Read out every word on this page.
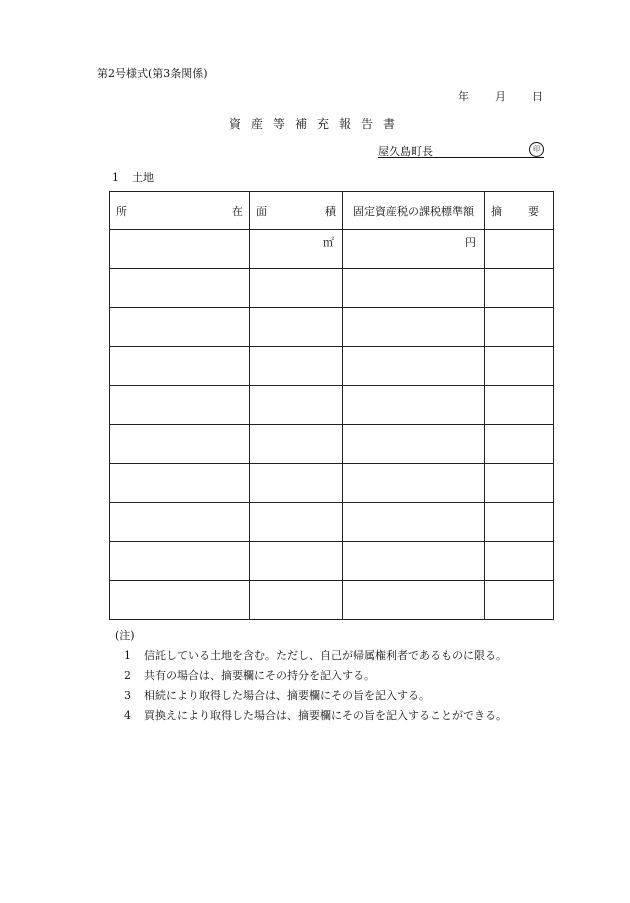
第2号様式(第3条関係)
年 月 日
資産等補充報告書
屋久島町長	印
1 土地
所 在	面 積	固定資産税の課税標準額	摘 要

	㎡	円	

(注)
1 信託している土地を含む。ただし、自己が帰属権利者であるものに限る。
2 共有の場合は、摘要欄にその持分を記入する。
3 相続により取得した場合は、摘要欄にその旨を記入する。
4 買換えにより取得した場合は、摘要欄にその旨を記入することができる。
